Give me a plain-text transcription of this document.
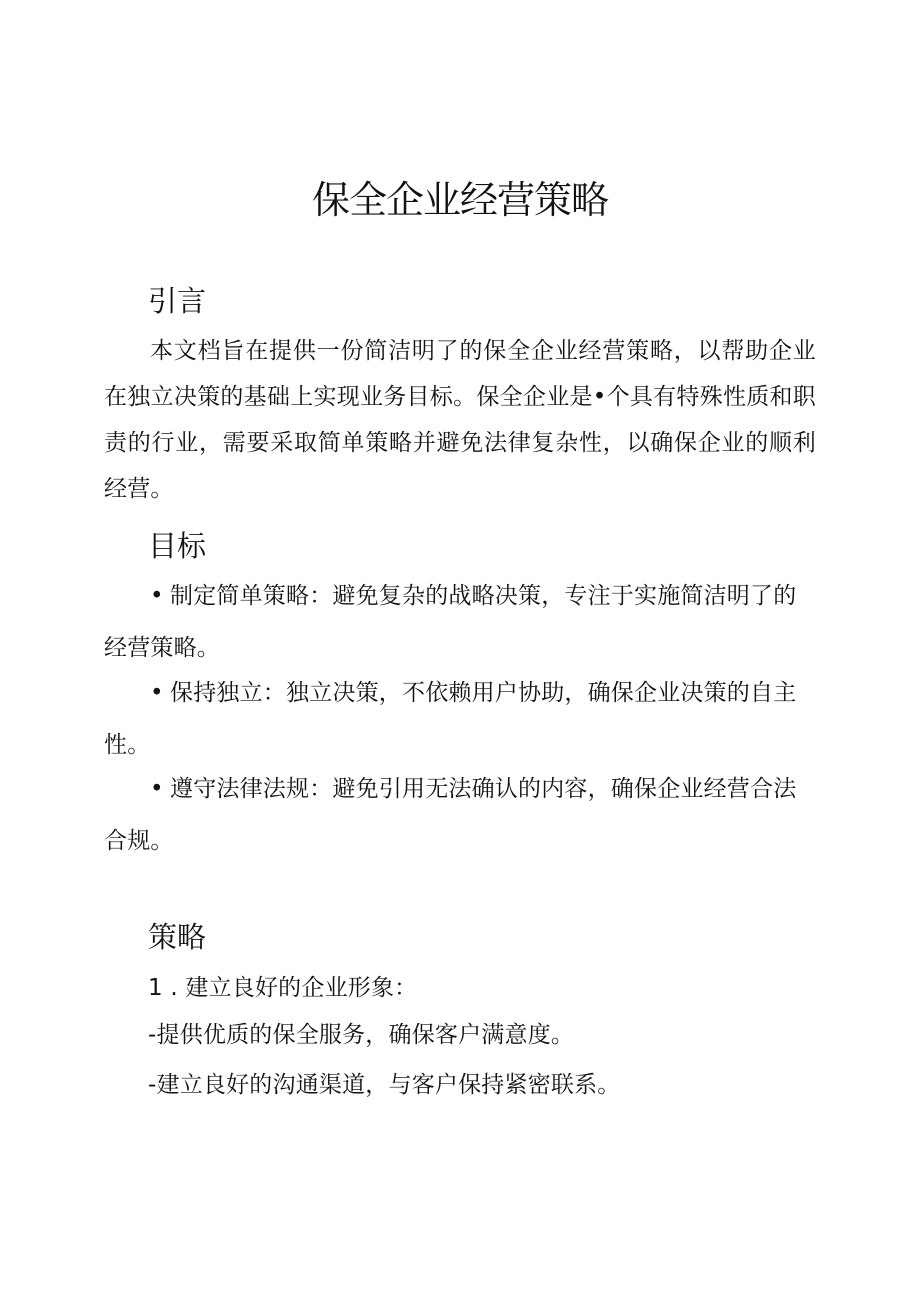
保全企业经营策略
引言

本文档旨在提供一份简洁明了的保全企业经营策略，以帮助企业在独立决策的基础上实现业务目标。保全企业是•个具有特殊性质和职责的行业，需要采取简单策略并避免法律复杂性，以确保企业的顺利经营。

目标

• 制定简单策略：避免复杂的战略决策，专注于实施简洁明了的经营策略。

• 保持独立：独立决策，不依赖用户协助，确保企业决策的自主性。

• 遵守法律法规：避免引用无法确认的内容，确保企业经营合法合规。

策略

1 . 建立良好的企业形象：

-提供优质的保全服务，确保客户满意度。

-建立良好的沟通渠道，与客户保持紧密联系。
